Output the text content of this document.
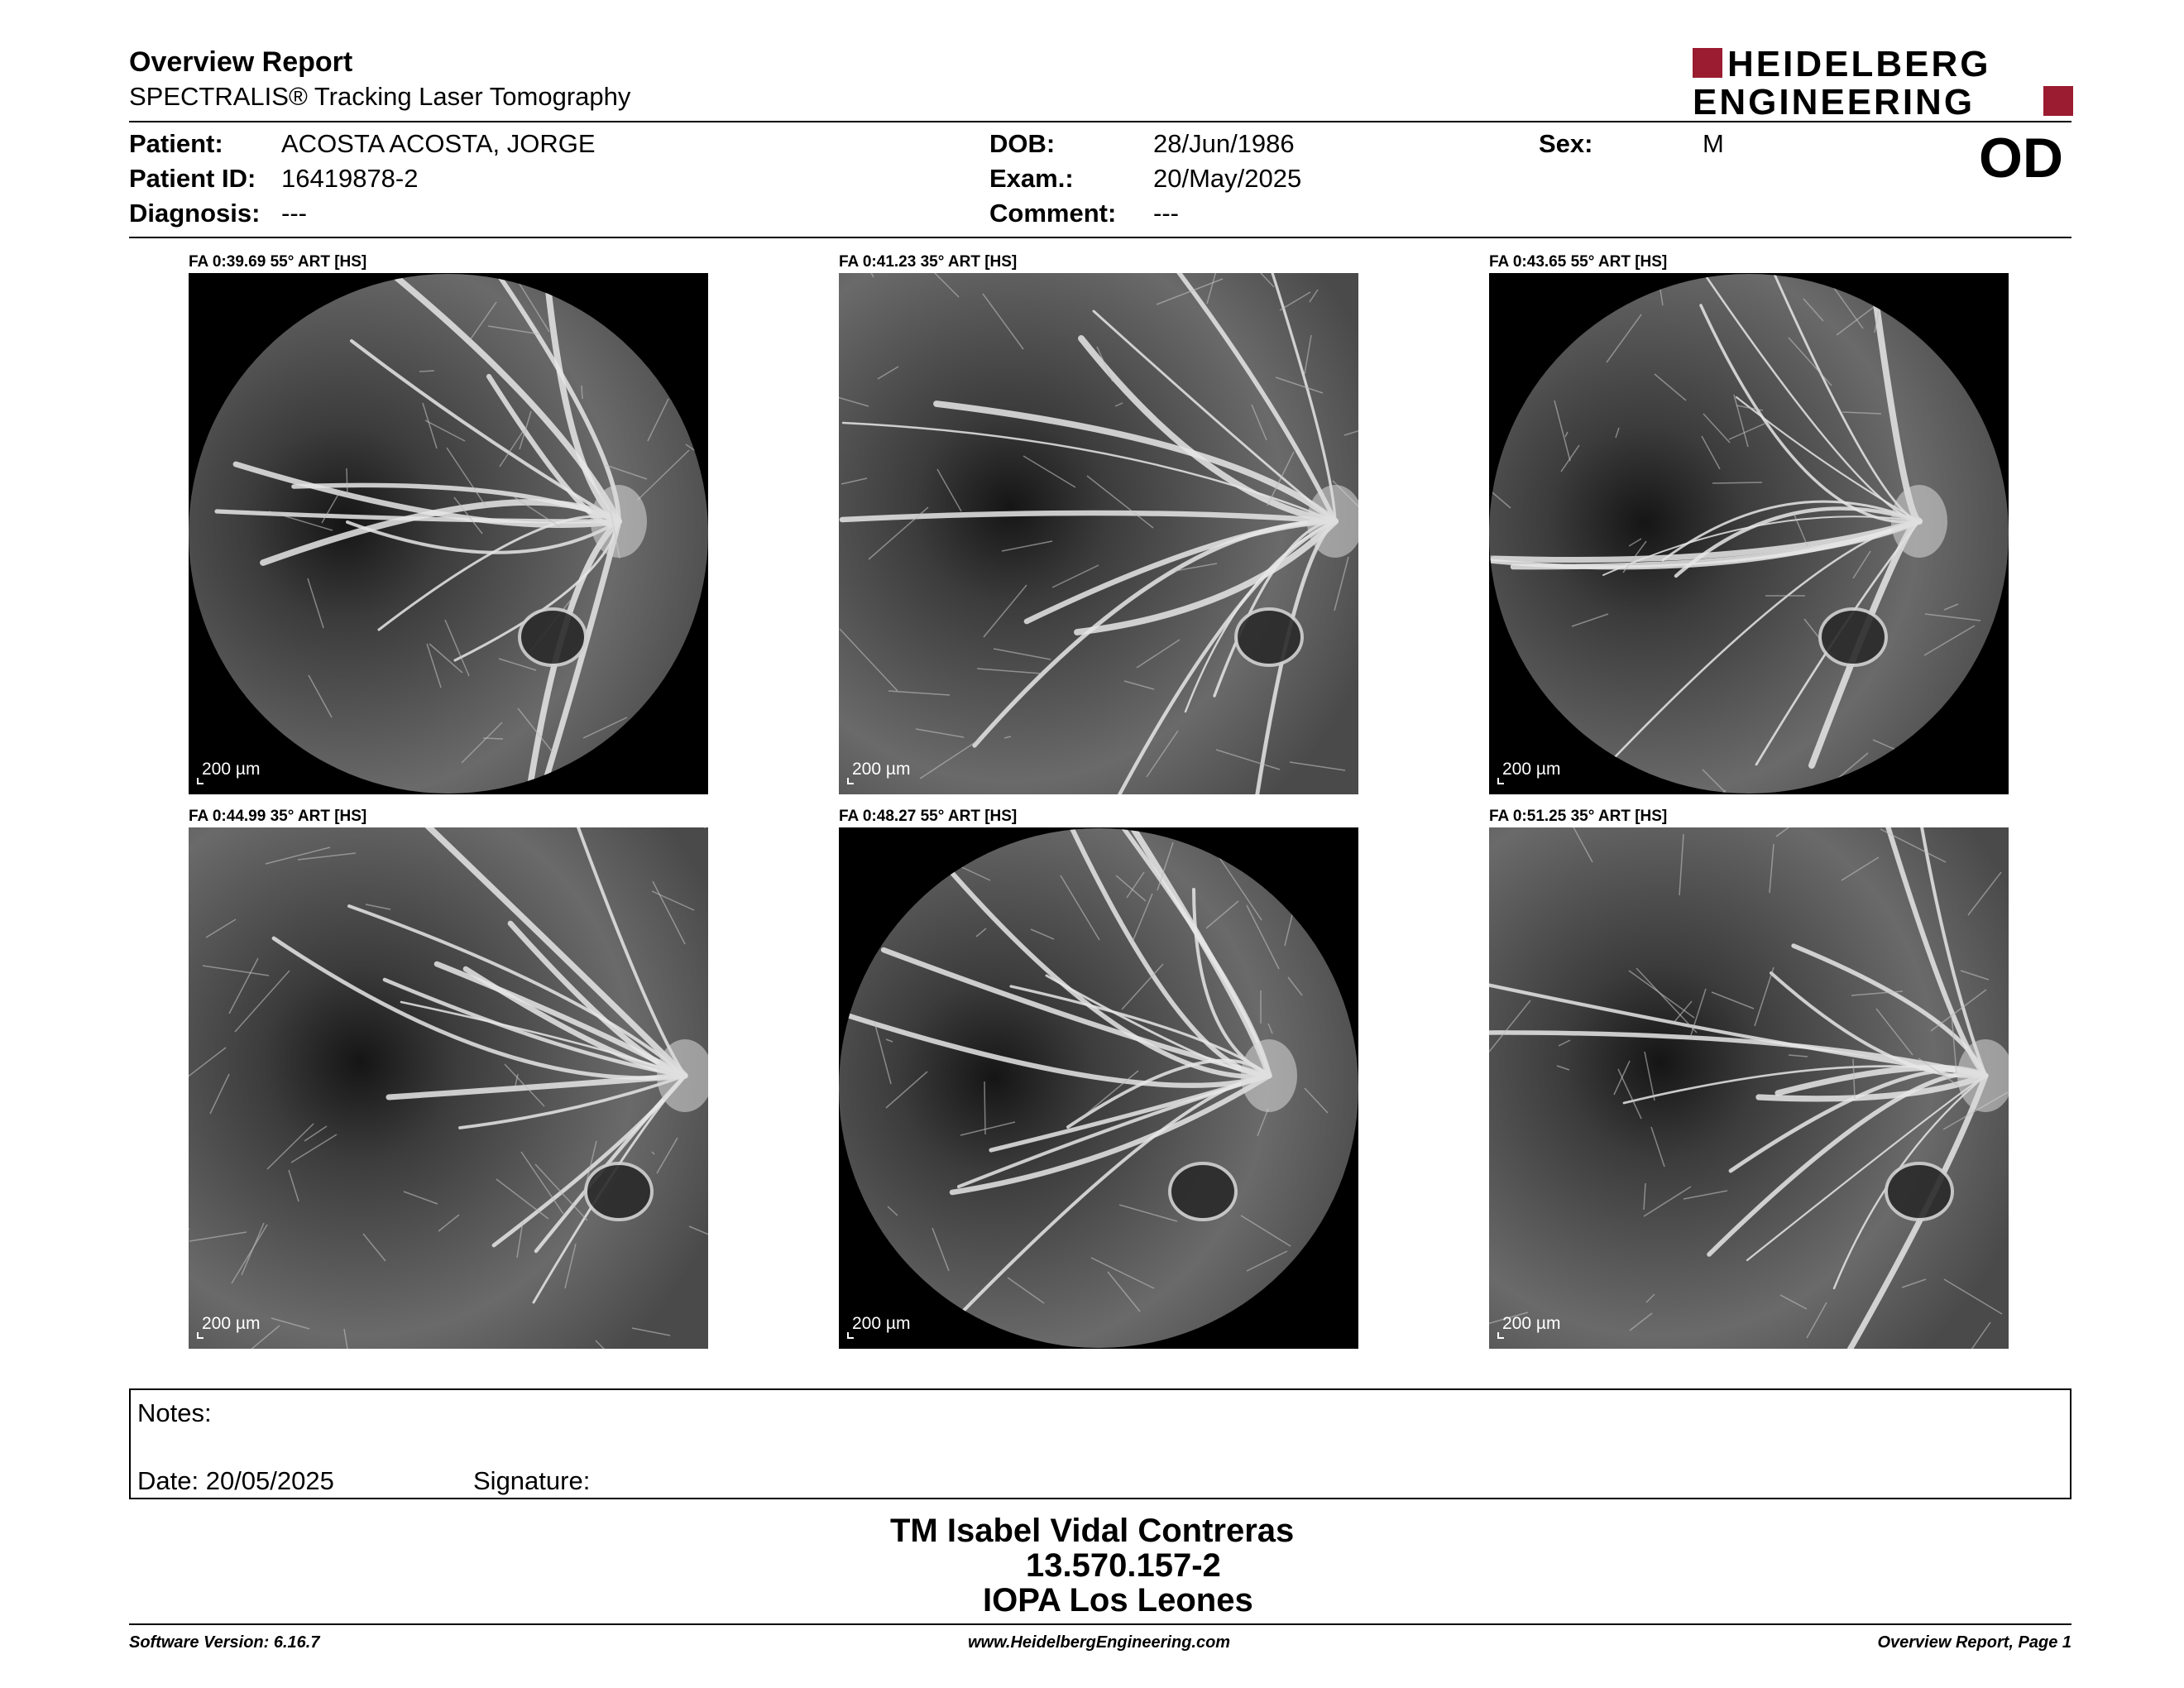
Overview Report
SPECTRALIS® Tracking Laser Tomography
HEIDELBERG
ENGINEERING
Patient: ACOSTA ACOSTA, JORGE
Patient ID: 16419878-2
Diagnosis: ---
DOB:	28/Jun/1986
Exam.:	20/May/2025
Comment: ---
Sex:	M	OD
FA 0:39.69 55° ART [HS]
200 µm
FA 0:41.23 35° ART [HS]
200 µm
FA 0:43.65 55° ART [HS]
200 µm
FA 0:44.99 35° ART [HS]
200 µm
FA 0:48.27 55° ART [HS]
200 µm
FA 0:51.25 35° ART [HS]
200 µm
Notes:
Date: 20/05/2025	Signature:
TM Isabel Vidal Contreras
13.570.157-2
IOPA Los Leones
Software Version: 6.16.7	www.HeidelbergEngineering.com	Overview Report, Page 1
